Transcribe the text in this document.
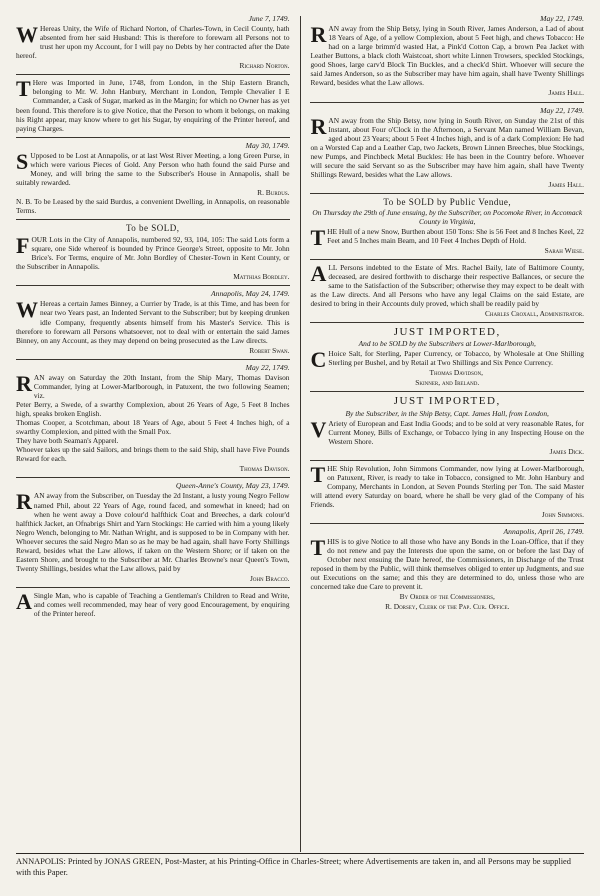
June 7, 1749.
W Hereas Unity, the Wife of Richard Norton, of Charles-Town, in Cecil County, hath absented from her said Husband: This is therefore to forewarn all Persons not to trust her upon my Account, for I will pay no Debts by her contracted after the Date hereof.

Richard Norton.
T Here was Imported in June, 1748, from London, in the Ship Eastern Branch, belonging to Mr. W. John Hanbury, Merchant in London, Temple Chevalier I E Commander, a Cask of Sugar, marked as in the Margin; for which no Owner has as yet been found. This therefore is to give Notice, that the Person to whom it belongs, on making his Right appear, may know where to get his Sugar, by enquiring of the Printer hereof, and paying Charges.

May 30, 1749.
S Upposed to be Lost at Annapolis, or at last West River Meeting, a long Green Purse, in which were various Pieces of Gold. Any Person who hath found the said Purse and Money, and will bring the same to the Subscriber's House in Annapolis, shall be suitably rewarded.

R. Burdus.

N. B. To be Leased by the said Burdus, a convenient Dwelling, in Annapolis, on reasonable Terms.

To be SOLD,
F OUR Lots in the City of Annapolis, numbered 92, 93, 104, 105: The said Lots form a square, one Side whereof is bounded by Prince George's Street, opposite to Mr. John Brice's. For Terms, enquire of Mr. John Bordley of Chester-Town in Kent County, or the Subscriber in Annapolis.

Matthias Bordley.
Annapolis, May 24, 1749.
W Hereas a certain James Binney, a Currier by Trade, is at this Time, and has been for near two Years past, an Indented Servant to the Subscriber; but by keeping drunken idle Company, frequently absents himself from his Master's Service. This is therefore to forewarn all Persons whatsoever, not to deal with or entertain the said James Binney, on any Account, as they may depend on being prosecuted as the Law directs.

Robert Swan.
May 22, 1749.
R AN away on Saturday the 20th Instant, from the Ship Mary, Thomas Davison Commander, lying at Lower-Marlborough, in Patuxent, the two following Seamen; viz.

Peter Berry, a Swede, of a swarthy Complexion, about 26 Years of Age, 5 Feet 8 Inches high, speaks broken English.

Thomas Cooper, a Scotchman, about 18 Years of Age, about 5 Feet 4 Inches high, of a swarthy Complexion, and pitted with the Small Pox.

They have both Seaman's Apparel.

Whoever takes up the said Sailors, and brings them to the said Ship, shall have Five Pounds Reward for each.

Thomas Davison.
Queen-Anne's County, May 23, 1749.
R AN away from the Subscriber, on Tuesday the 2d Instant, a lusty young Negro Fellow named Phil, about 22 Years of Age, round faced, and somewhat in kneed; had on when he went away a Dove colour'd halfthick Coat and Breeches, a dark colour'd halfthick Jacket, an Ofnabrigs Shirt and Yarn Stockings: He carried with him a young likely Negro Wench, belonging to Mr. Nathan Wright, and is supposed to be in Company with her. Whoever secures the said Negro Man so as he may be had again, shall have Forty Shillings Reward, besides what the Law allows, if taken on the Western Shore; or if taken on the Eastern Shore, and brought to the Subscriber at Mr. Charles Browne's near Queen's Town, Twenty Shillings, besides what the Law allows, paid by

John Bracco.
A Single Man, who is capable of Teaching a Gentleman's Children to Read and Write, and comes well recommended, may hear of very good Encouragement, by enquiring of the Printer hereof.

May 22, 1749.
R AN away from the Ship Betsy, lying in South River, James Anderson, a Lad of about 18 Years of Age, of a yellow Complexion, about 5 Feet high, and chews Tobacco: He had on a large brimm'd wasted Hat, a Pink'd Cotton Cap, a brown Pea Jacket with Leather Buttons, a black cloth Waistcoat, short white Linnen Trowsers, speckled Stockings, good Shoes, large carv'd Block Tin Buckles, and a check'd Shirt. Whoever will secure the said James Anderson, so as the Subscriber may have him again, shall have Twenty Shillings Reward, besides what the Law allows.

James Hall.
May 22, 1749.
R AN away from the Ship Betsy, now lying in South River, on Sunday the 21st of this Instant, about Four o'Clock in the Afternoon, a Servant Man named William Bevan, aged about 23 Years; about 5 Feet 4 Inches high, and is of a dark Complexion: He had on a Worsted Cap and a Leather Cap, two Jackets, Brown Linnen Breeches, blue Stockings, new Pumps, and Pinchbeck Metal Buckles: He has been in the Country before. Whoever will secure the said Servant so as the Subscriber may have him again, shall have Twenty Shillings Reward, besides what the Law allows.

James Hall.
To be SOLD by Public Vendue,
On Thursday the 29th of June ensuing, by the Subscriber, on Pocomoke River, in Accomack County in Virginia,
T HE Hull of a new Snow, Burthen about 150 Tons: She is 56 Feet and 8 Inches Keel, 22 Feet and 5 Inches main Beam, and 10 Feet 4 Inches Depth of Hold.

Sarah Wiese.
A LL Persons indebted to the Estate of Mrs. Rachel Baily, late of Baltimore County, deceased, are desired forthwith to discharge their respective Ballances, or secure the same to the Satisfaction of the Subscriber; otherwise they may expect to be dealt with as the Law directs. And all Persons who have any legal Claims on the said Estate, are desired to bring in their Accounts duly proved, which shall be readily paid by

Charles Croxall, Administrator.
JUST IMPORTED,
And to be SOLD by the Subscribers at Lower-Marlborough,
C Hoice Salt, for Sterling, Paper Currency, or Tobacco, by Wholesale at One Shilling Sterling per Bushel, and by Retail at Two Shillings and Six Pence Currency.

Thomas Davidson,
Skinner, and Ireland.
JUST IMPORTED,
By the Subscriber, in the Ship Betsy, Capt. James Hall, from London,
V Ariety of European and East India Goods; and to be sold at very reasonable Rates, for Current Money, Bills of Exchange, or Tobacco lying in any Inspecting House on the Western Shore.

James Dick.
T HE Ship Revolution, John Simmons Commander, now lying at Lower-Marlborough, on Patuxent, River, is ready to take in Tobacco, consigned to Mr. John Hanbury and Company, Merchants in London, at Seven Pounds Sterling per Ton. The said Master will attend every Saturday on board, where he shall be very glad of the Company of his Friends.

John Simmons.
Annapolis, April 26, 1749.
T HIS is to give Notice to all those who have any Bonds in the Loan-Office, that if they do not renew and pay the Interests due upon the same, on or before the last Day of October next ensuing the Date hereof, the Commissioners, in Discharge of the Trust reposed in them by the Public, will think themselves obliged to enter up Judgments, and sue out Executions on the same; and this they are determined to do, unless those who are concerned take due Care to prevent it.

By Order of the Commissioners,
R. Dorsey, Clerk of the Pap. Cur. Office.
ANNAPOLIS: Printed by JONAS GREEN, Post-Master, at his Printing-Office in Charles-Street; where Advertisements are taken in, and all Persons may be supplied with this Paper.
